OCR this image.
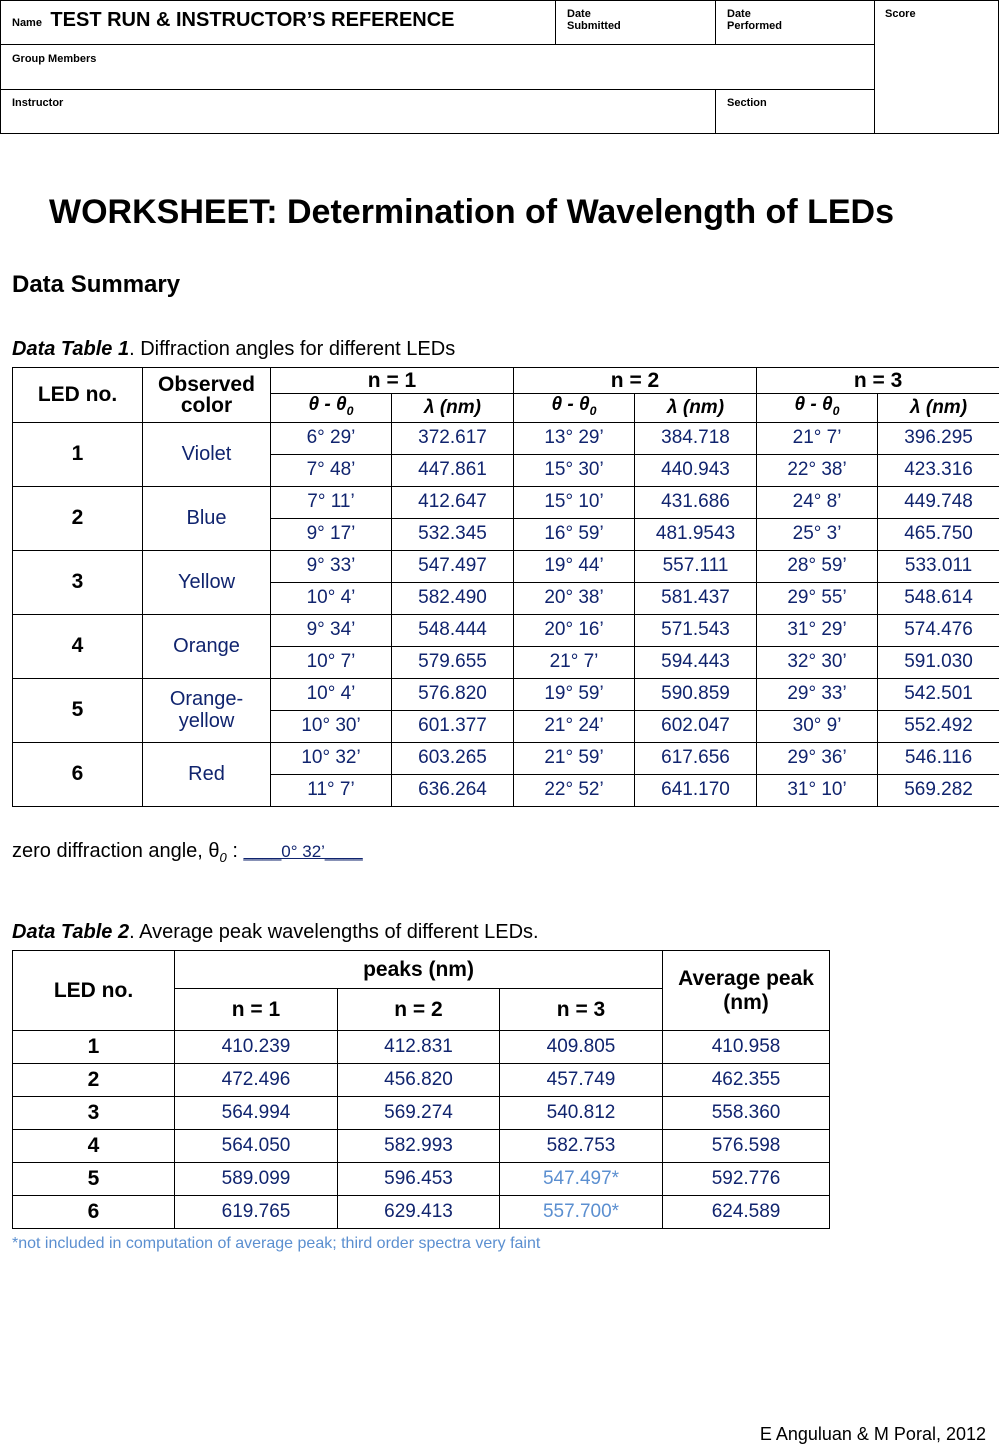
Name TEST RUN & INSTRUCTOR’S REFERENCE	Date Submitted
Date Performed
Score
Group Members
Instructor	Section
WORKSHEET: Determination of Wavelength of LEDs
Data Summary
Data Table 1. Diffraction angles for different LEDs
LED no.	Observed color	n = 1		n = 2		n = 3	
		θ - $\theta_0$	λ (nm)	θ - $\theta_0$	λ (nm)	θ - $\theta_0$	λ (nm)
1	Violet	6° 29’	372.617	13° 29’	384.718	21° 7’	396.295
		7° 48’	447.861	15° 30’	440.943	22° 38’	423.316
2	Blue	7° 11’	412.647	15° 10’	431.686	24° 8’	449.748
		9° 17’	532.345	16° 59’	481.9543	25° 3’	465.750
3	Yellow	9° 33’	547.497	19° 44’	557.111	28° 59’	533.011
		10° 4’	582.490	20° 38’	581.437	29° 55’	548.614
4	Orange	9° 34’	548.444	20° 16’	571.543	31° 29’	574.476
		10° 7’	579.655	21° 7’	594.443	32° 30’	591.030
5	Orange-yellow	10° 4’	576.820	19° 59’	590.859	29° 33’	542.501
		10° 30’	601.377	21° 24’	602.047	30° 9’	552.492
6	Red	10° 32’	603.265	21° 59’	617.656	29° 36’	546.116
		11° 7’	636.264	22° 52’	641.170	31° 10’	569.282
zero diffraction angle, $\theta_0$ : ____0° 32’____
Data Table 2. Average peak wavelengths of different LEDs.
LED no.	peaks (nm)			Average peak (nm)
	n = 1	n = 2	n = 3	
1	410.239	412.831	409.805	410.958
2	472.496	456.820	457.749	462.355
3	564.994	569.274	540.812	558.360
4	564.050	582.993	582.753	576.598
5	589.099	596.453	547.497*	592.776
6	619.765	629.413	557.700*	624.589
*not included in computation of average peak; third order spectra very faint
E Anguluan & M Poral, 2012
